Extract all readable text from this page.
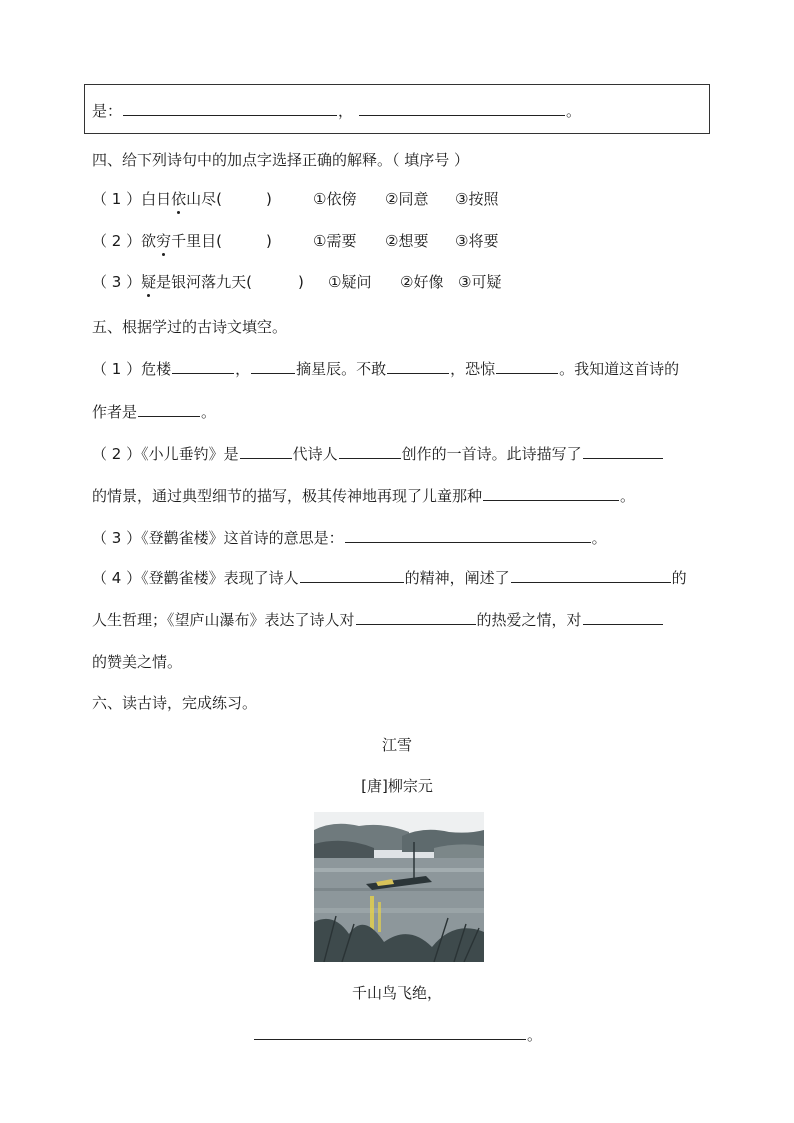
是：	，	。
四、给下列诗句中的加点字选择正确的解释。（ 填序号 ）
（ 1 ）白日依山尽(	)	①依傍 ②同意 ③按照
（ 2 ）欲穷千里目(	)	①需要 ②想要 ③将要
（ 3 ）疑是银河落九天(	) ①疑问 ②好像 ③可疑
五、根据学过的古诗文填空。
（ 1 ）危楼	，	摘星辰。不敢	，恐惊	。我知道这首诗的
作者是	。
（ 2 ）《小儿垂钓》是	代诗人	创作的一首诗。此诗描写了
的情景，通过典型细节的描写，极其传神地再现了儿童那种	。
（ 3 ）《登鹳雀楼》这首诗的意思是：	。
（ 4 ）《登鹳雀楼》表现了诗人	的精神，阐述了	的
人生哲理；《望庐山瀑布》表达了诗人对	的热爱之情，对
的赞美之情。
六、读古诗，完成练习。
江雪
[唐]柳宗元
千山鸟飞绝，
。
